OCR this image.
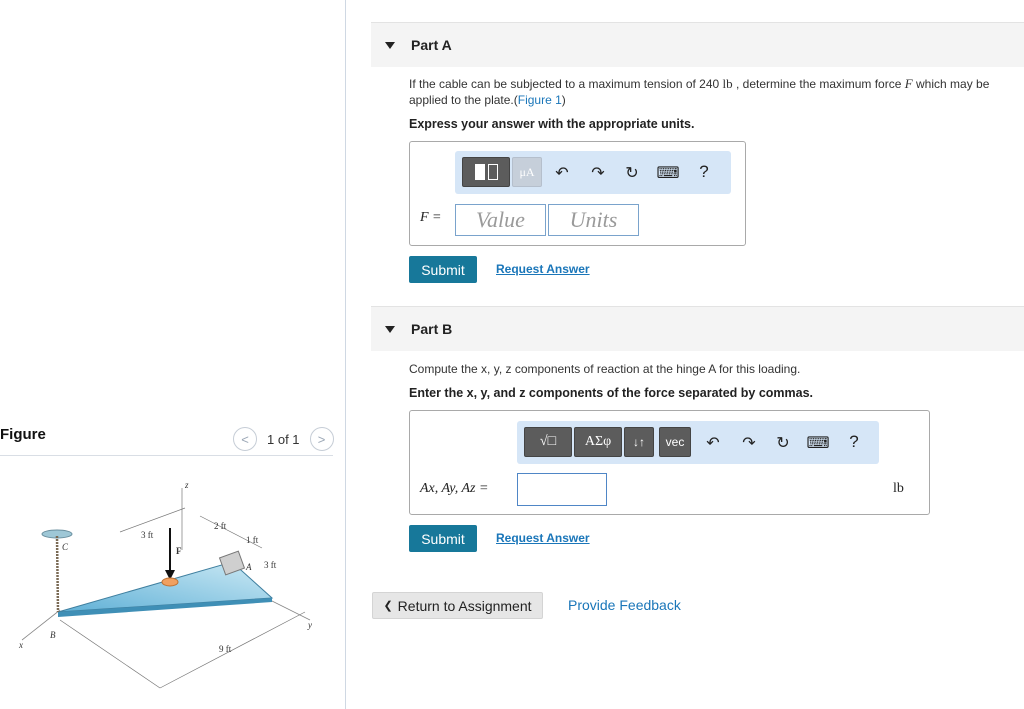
Figure	< 1 of 1 >
z
x
y
C
B
A
F
3 ft
2 ft
1 ft
3 ft
9 ft
Part A
If the cable can be subjected to a maximum tension of 240 lb , determine the maximum force F which may be
applied to the plate.(Figure 1)
Express your answer with the appropriate units.
μA ↶ ↷ ↻ ⌨ ?
F =	Value	Units
Submit	Request Answer
Part B
Compute the x, y, z components of reaction at the hinge A for this loading.
Enter the x, y, and z components of the force separated by commas.
√□ ΑΣφ ↓↑ vec ↶ ↷ ↻ ⌨ ?
Ax, Ay, Az =	lb
Submit	Request Answer
❮ Return to Assignment	Provide Feedback
